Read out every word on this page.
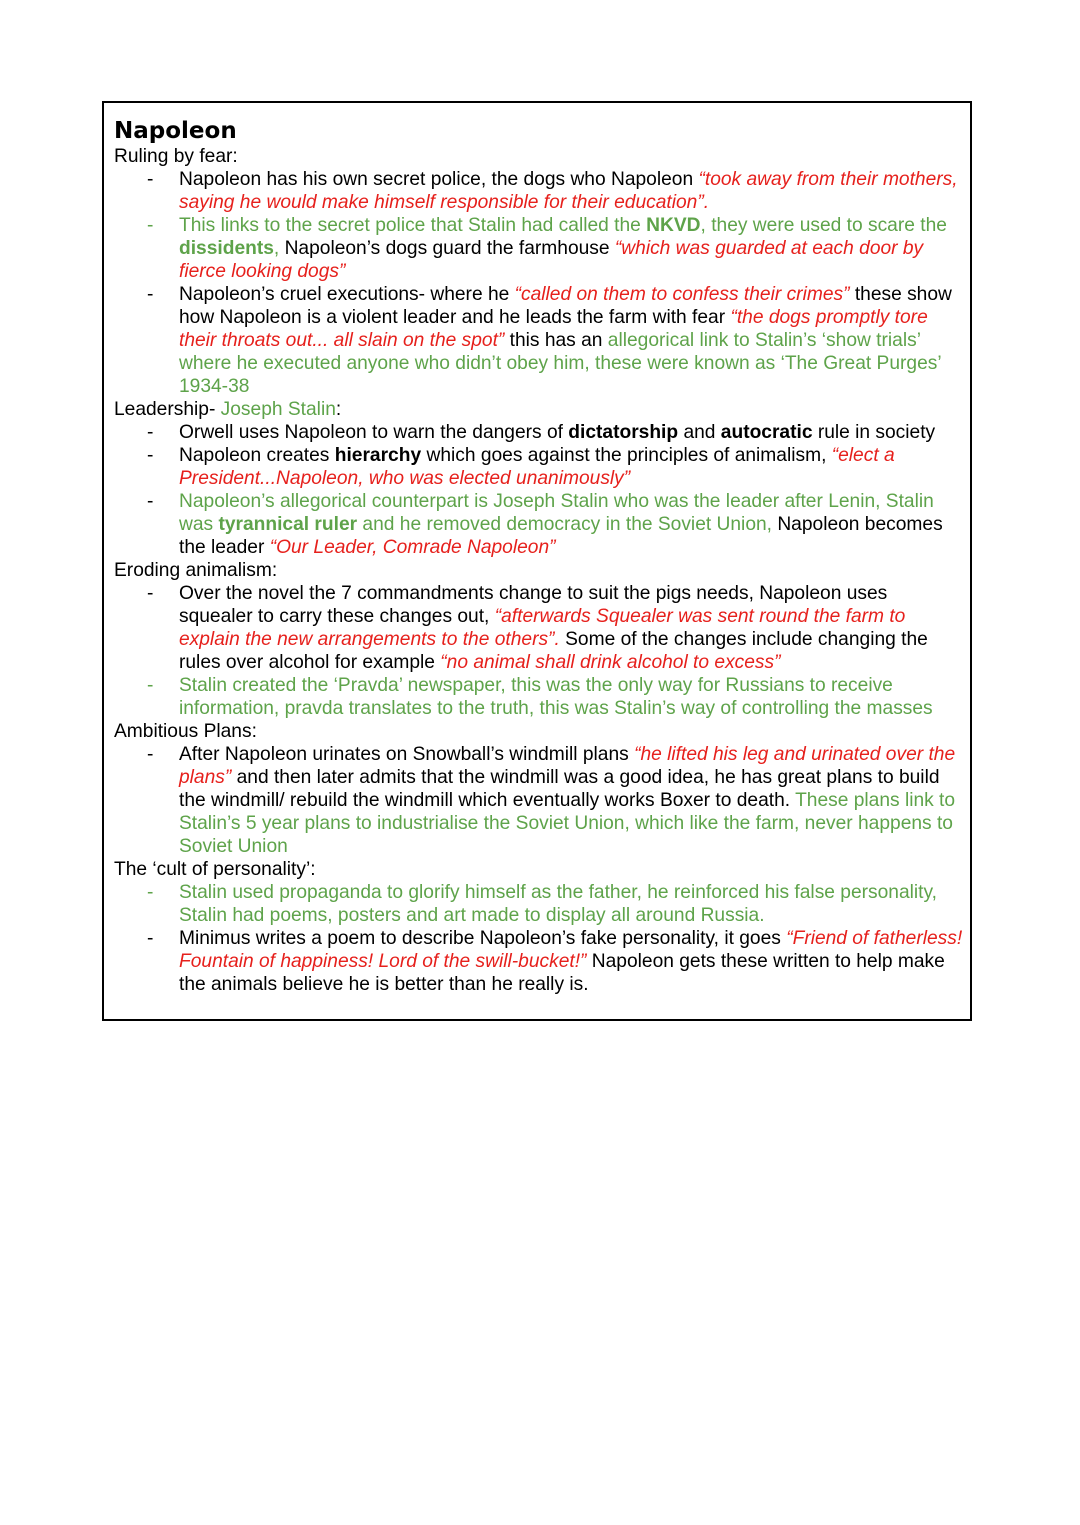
Napoleon
Ruling by fear:
- Napoleon has his own secret police, the dogs who Napoleon “took away from their mothers, saying he would make himself responsible for their education”.
- This links to the secret police that Stalin had called the NKVD, they were used to scare the dissidents, Napoleon’s dogs guard the farmhouse “which was guarded at each door by fierce looking dogs”
- Napoleon’s cruel executions- where he “called on them to confess their crimes” these show how Napoleon is a violent leader and he leads the farm with fear “the dogs promptly tore their throats out... all slain on the spot” this has an allegorical link to Stalin’s ‘show trials’ where he executed anyone who didn’t obey him, these were known as ‘The Great Purges’ 1934-38
Leadership- Joseph Stalin:
- Orwell uses Napoleon to warn the dangers of dictatorship and autocratic rule in society
- Napoleon creates hierarchy which goes against the principles of animalism, “elect a President...Napoleon, who was elected unanimously”
- Napoleon’s allegorical counterpart is Joseph Stalin who was the leader after Lenin, Stalin was tyrannical ruler and he removed democracy in the Soviet Union, Napoleon becomes the leader “Our Leader, Comrade Napoleon”
Eroding animalism:
- Over the novel the 7 commandments change to suit the pigs needs, Napoleon uses squealer to carry these changes out, “afterwards Squealer was sent round the farm to explain the new arrangements to the others”. Some of the changes include changing the rules over alcohol for example “no animal shall drink alcohol to excess”
- Stalin created the ‘Pravda’ newspaper, this was the only way for Russians to receive information, pravda translates to the truth, this was Stalin’s way of controlling the masses
Ambitious Plans:
- After Napoleon urinates on Snowball’s windmill plans “he lifted his leg and urinated over the plans” and then later admits that the windmill was a good idea, he has great plans to build the windmill/ rebuild the windmill which eventually works Boxer to death. These plans link to Stalin’s 5 year plans to industrialise the Soviet Union, which like the farm, never happens to Soviet Union
The ‘cult of personality’:
- Stalin used propaganda to glorify himself as the father, he reinforced his false personality, Stalin had poems, posters and art made to display all around Russia.
- Minimus writes a poem to describe Napoleon’s fake personality, it goes “Friend of fatherless! Fountain of happiness! Lord of the swill-bucket!” Napoleon gets these written to help make the animals believe he is better than he really is.
